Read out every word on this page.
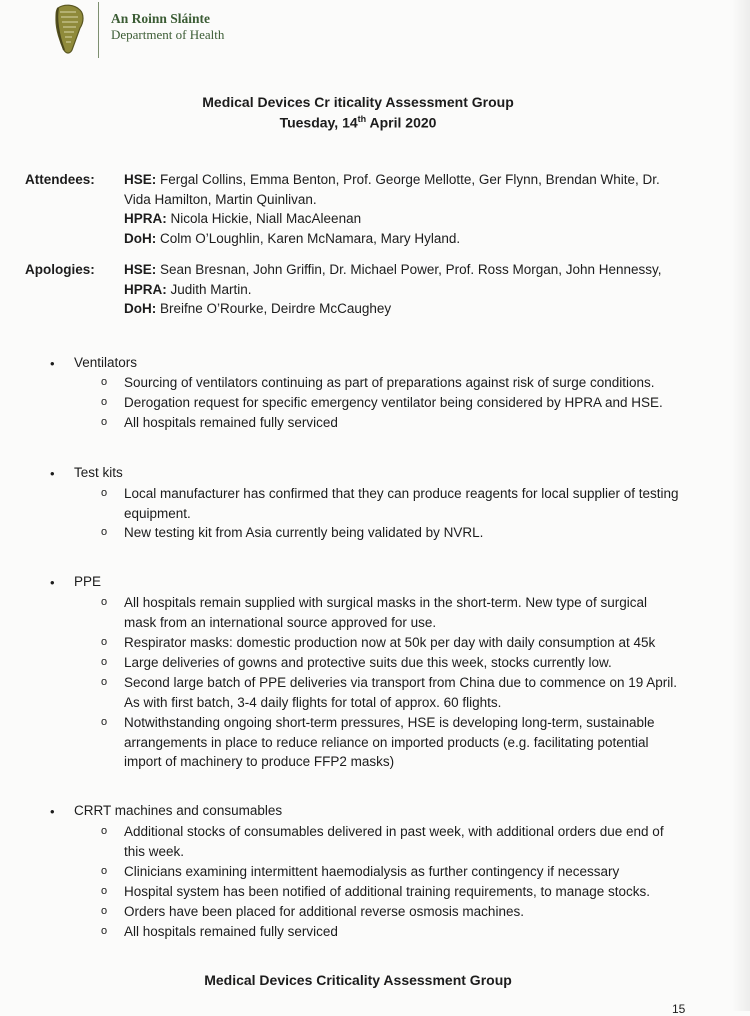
An Roinn Sláinte
Department of Health
Medical Devices Cr iticality Assessment Group
Tuesday, 14th April 2020
Attendees: HSE: Fergal Collins, Emma Benton, Prof. George Mellotte, Ger Flynn, Brendan White, Dr. Vida Hamilton, Martin Quinlivan.
HPRA: Nicola Hickie, Niall MacAleenan
DoH: Colm O’Loughlin, Karen McNamara, Mary Hyland.
Apologies: HSE: Sean Bresnan, John Griffin, Dr. Michael Power, Prof. Ross Morgan, John Hennessy,
HPRA: Judith Martin.
DoH: Breifne O’Rourke, Deirdre McCaughey
• Ventilators
o Sourcing of ventilators continuing as part of preparations against risk of surge conditions.
o Derogation request for specific emergency ventilator being considered by HPRA and HSE.
o All hospitals remained fully serviced
• Test kits
o Local manufacturer has confirmed that they can produce reagents for local supplier of testing equipment.
o New testing kit from Asia currently being validated by NVRL.
• PPE
o All hospitals remain supplied with surgical masks in the short-term. New type of surgical mask from an international source approved for use.
o Respirator masks: domestic production now at 50k per day with daily consumption at 45k
o Large deliveries of gowns and protective suits due this week, stocks currently low.
o Second large batch of PPE deliveries via transport from China due to commence on 19 April. As with first batch, 3-4 daily flights for total of approx. 60 flights.
o Notwithstanding ongoing short-term pressures, HSE is developing long-term, sustainable arrangements in place to reduce reliance on imported products (e.g. facilitating potential import of machinery to produce FFP2 masks)
• CRRT machines and consumables
o Additional stocks of consumables delivered in past week, with additional orders due end of this week.
o Clinicians examining intermittent haemodialysis as further contingency if necessary
o Hospital system has been notified of additional training requirements, to manage stocks.
o Orders have been placed for additional reverse osmosis machines.
o All hospitals remained fully serviced
Medical Devices Criticality Assessment Group
15
